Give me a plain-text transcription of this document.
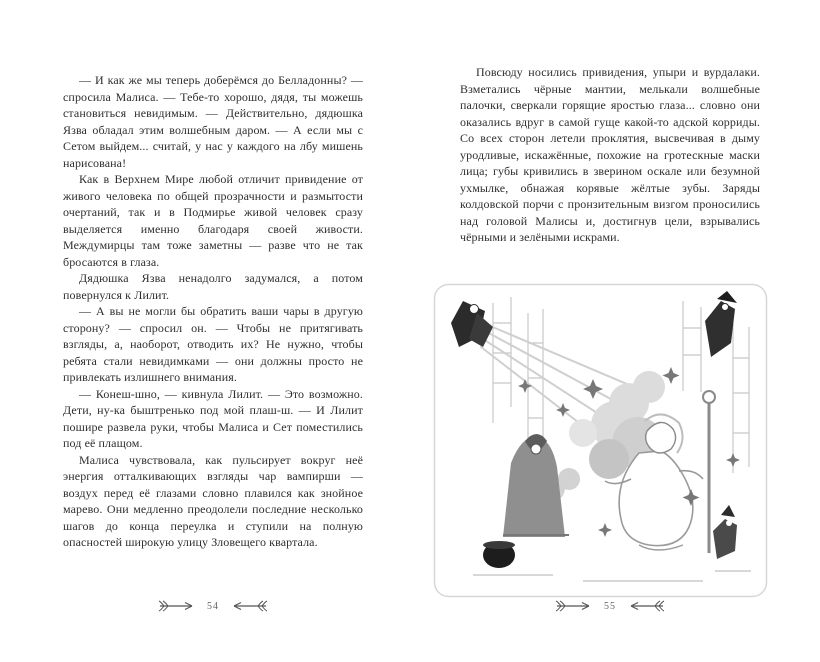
— И как же мы теперь доберёмся до Белладонны? — спросила Малиса. — Тебе-то хорошо, дядя, ты можешь становиться невидимым. — Действительно, дядюшка Язва обладал этим волшебным даром. — А если мы с Сетом выйдем... считай, у нас у каждого на лбу мишень нарисована!

Как в Верхнем Мире любой отличит привидение от живого человека по общей прозрачности и размытости очертаний, так и в Подмирье живой человек сразу выделяется именно благодаря своей живости. Междумирцы там тоже заметны — разве что не так бросаются в глаза.

Дядюшка Язва ненадолго задумался, а потом повернулся к Лилит.

— А вы не могли бы обратить ваши чары в другую сторону? — спросил он. — Чтобы не притягивать взгляды, а, наоборот, отводить их? Не нужно, чтобы ребята стали невидимками — они должны просто не привлекать излишнего внимания.

— Конеш-шно, — кивнула Лилит. — Это возможно. Дети, ну-ка быштренько под мой плаш-ш. — И Лилит пошире развела руки, чтобы Малиса и Сет поместились под её плащом.

Малиса чувствовала, как пульсирует вокруг неё энергия отталкивающих взгляды чар вампирши — воздух перед её глазами словно плавился как знойное марево. Они медленно преодолели последние несколько шагов до конца переулка и ступили на полную опасностей широкую улицу Зловещего квартала.

Повсюду носились привидения, упыри и вурдалаки. Взметались чёрные мантии, мелькали волшебные палочки, сверкали горящие яростью глаза... словно они оказались вдруг в самой гуще какой-то адской корриды. Со всех сторон летели проклятия, высвечивая в дыму уродливые, искажённые, похожие на гротескные маски лица; губы кривились в зверином оскале или безумной ухмылке, обнажая корявые жёлтые зубы. Заряды колдовской порчи с пронзительным визгом проносились над головой Малисы и, достигнув цели, взрывались чёрными и зелёными искрами.

54	55
